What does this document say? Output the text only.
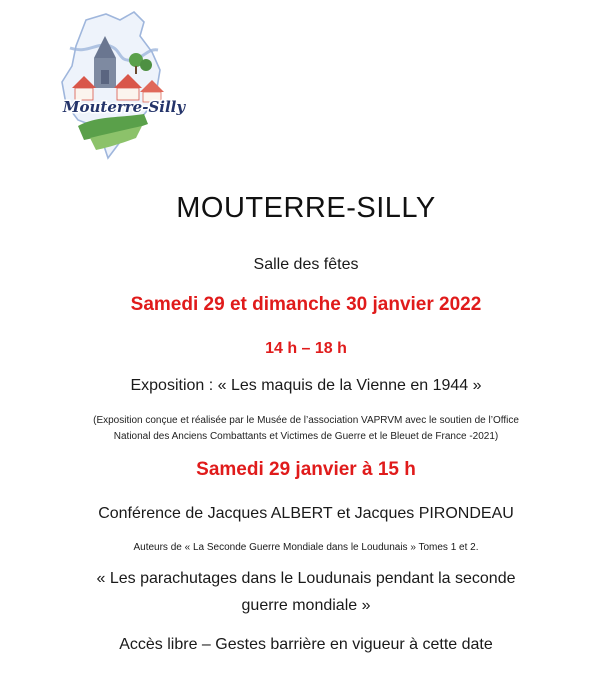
Mouterre-Silly
MOUTERRE-SILLY
Salle des fêtes
Samedi 29 et dimanche 30 janvier 2022
14 h – 18 h
Exposition : « Les maquis de la Vienne en 1944 »
(Exposition conçue et réalisée par le Musée de l’association VAPRVM avec le soutien de l’Office
National des Anciens Combattants et Victimes de Guerre et le Bleuet de France -2021)
Samedi 29 janvier à 15 h
Conférence de Jacques ALBERT et Jacques PIRONDEAU
Auteurs de « La Seconde Guerre Mondiale dans le Loudunais » Tomes 1 et 2.
« Les parachutages dans le Loudunais pendant la seconde
guerre mondiale »
Accès libre – Gestes barrière en vigueur à cette date
